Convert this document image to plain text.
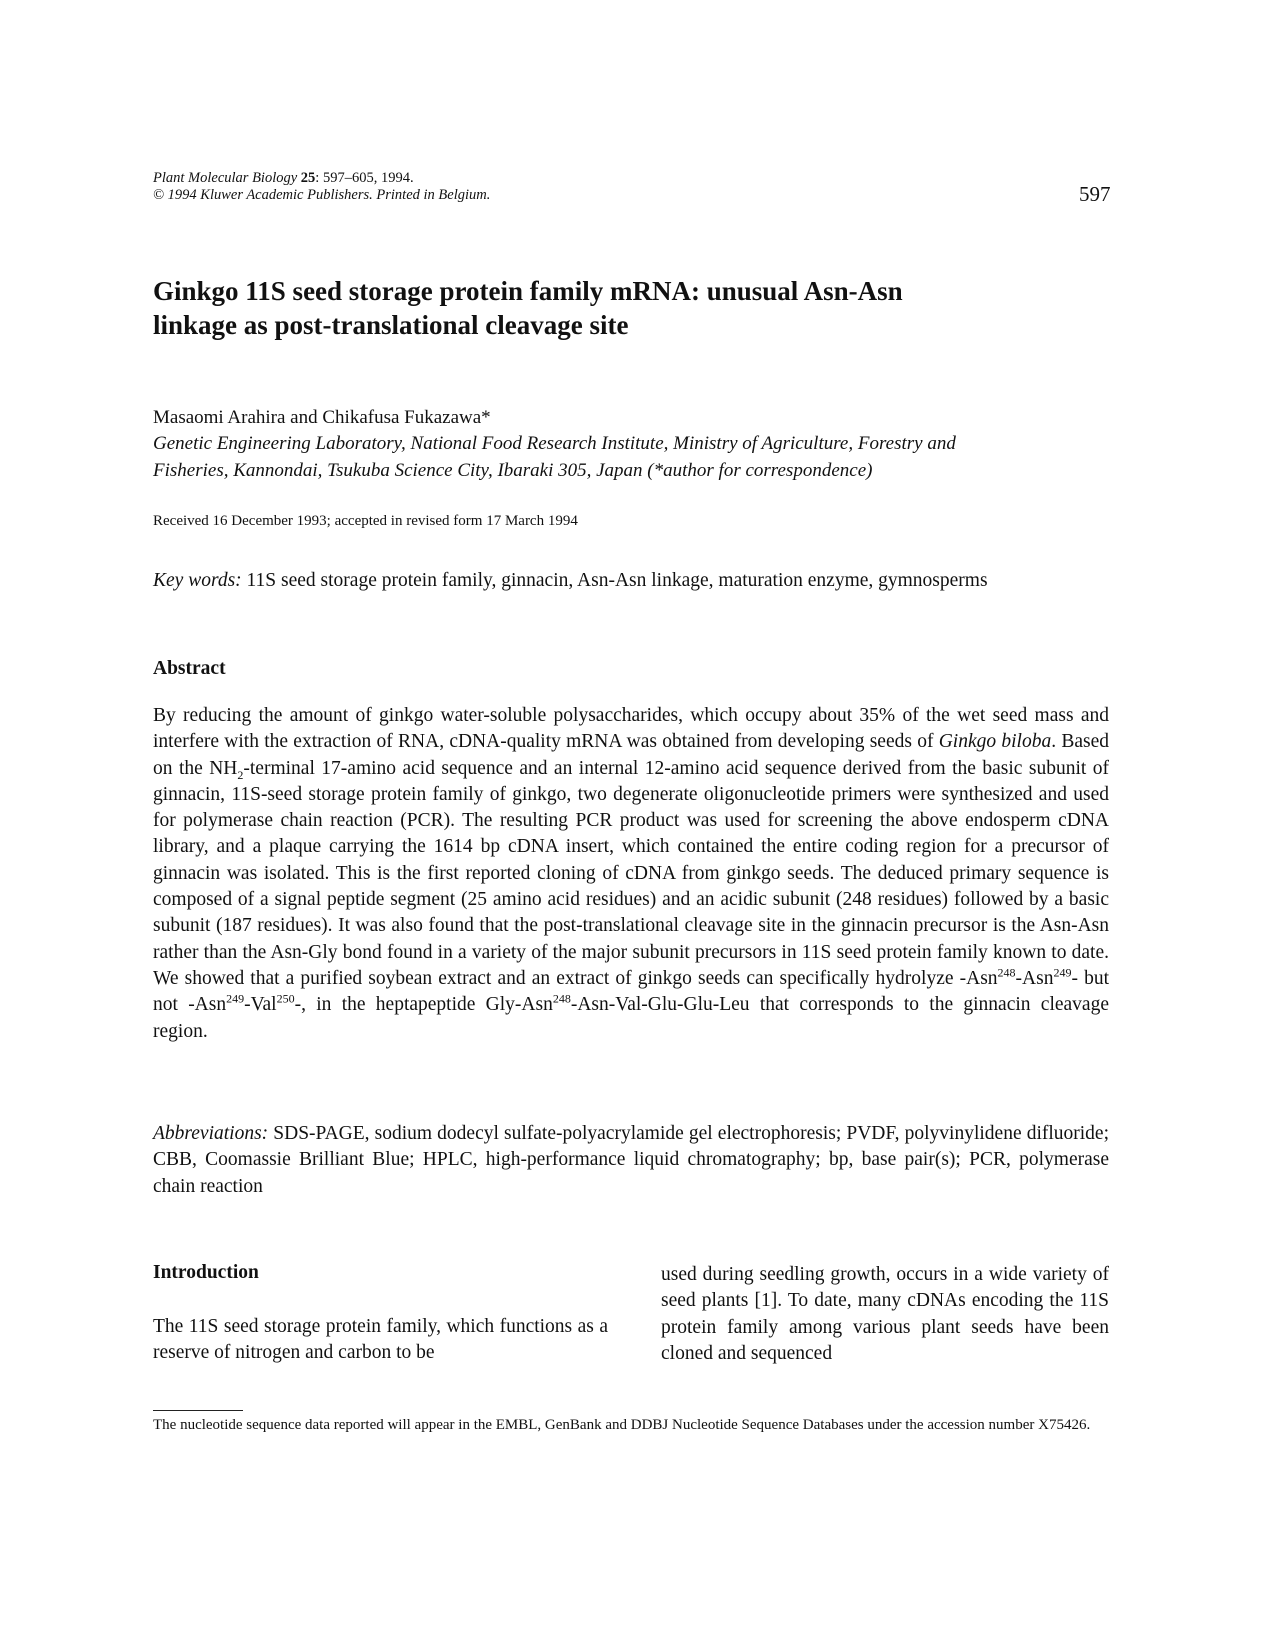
Plant Molecular Biology 25: 597–605, 1994.
© 1994 Kluwer Academic Publishers. Printed in Belgium.	597
Ginkgo 11S seed storage protein family mRNA: unusual Asn-Asn
linkage as post-translational cleavage site
Masaomi Arahira and Chikafusa Fukazawa*
Genetic Engineering Laboratory, National Food Research Institute, Ministry of Agriculture, Forestry and
Fisheries, Kannondai, Tsukuba Science City, Ibaraki 305, Japan (*author for correspondence)
Received 16 December 1993; accepted in revised form 17 March 1994
Key words: 11S seed storage protein family, ginnacin, Asn-Asn linkage, maturation enzyme, gymnosperms
Abstract
By reducing the amount of ginkgo water-soluble polysaccharides, which occupy about 35% of the wet seed mass and interfere with the extraction of RNA, cDNA-quality mRNA was obtained from developing seeds of Ginkgo biloba. Based on the $NH_2$-terminal 17-amino acid sequence and an internal 12-amino acid sequence derived from the basic subunit of ginnacin, 11S-seed storage protein family of ginkgo, two degenerate oligonucleotide primers were synthesized and used for polymerase chain reaction (PCR). The resulting PCR product was used for screening the above endosperm cDNA library, and a plaque carrying the 1614 bp cDNA insert, which contained the entire coding region for a precursor of ginnacin was isolated. This is the first reported cloning of cDNA from ginkgo seeds. The deduced primary sequence is composed of a signal peptide segment (25 amino acid residues) and an acidic subunit (248 residues) followed by a basic subunit (187 residues). It was also found that the post-translational cleavage site in the ginnacin precursor is the Asn-Asn rather than the Asn-Gly bond found in a variety of the major subunit precursors in 11S seed protein family known to date. We showed that a purified soybean extract and an extract of ginkgo seeds can specifically hydrolyze -Asn$^{248}$-Asn$^{249}$- but not -Asn$^{249}$-Val$^{250}$-, in the heptapeptide Gly-Asn$^{248}$-Asn-Val-Glu-Glu-Leu that corresponds to the ginnacin cleavage region.
Abbreviations: SDS-PAGE, sodium dodecyl sulfate-polyacrylamide gel electrophoresis; PVDF, polyvinylidene difluoride; CBB, Coomassie Brilliant Blue; HPLC, high-performance liquid chromatography; bp, base pair(s); PCR, polymerase chain reaction
Introduction
The 11S seed storage protein family, which functions as a reserve of nitrogen and carbon to be
used during seedling growth, occurs in a wide variety of seed plants [1]. To date, many cDNAs encoding the 11S protein family among various plant seeds have been cloned and sequenced
The nucleotide sequence data reported will appear in the EMBL, GenBank and DDBJ Nucleotide Sequence Databases under the accession number X75426.
